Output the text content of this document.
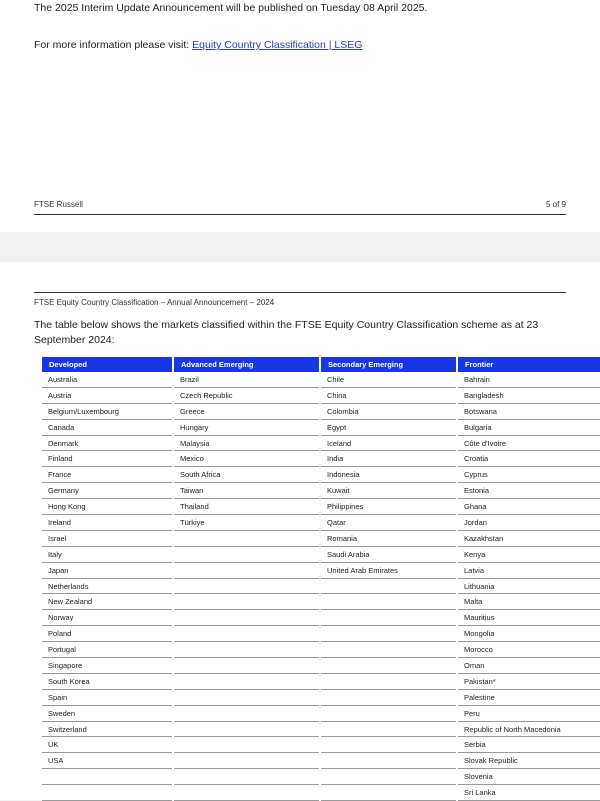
The 2025 Interim Update Announcement will be published on Tuesday 08 April 2025.
For more information please visit: Equity Country Classification | LSEG
FTSE Russell	5 of 9
FTSE Equity Country Classification – Annual Announcement – 2024
The table below shows the markets classified within the FTSE Equity Country Classification scheme as at 23 September 2024:
Developed	Advanced Emerging	Secondary Emerging	Frontier
Australia	Brazil	Chile	Bahrain
Austria	Czech Republic	China	Bangladesh
Belgium/Luxembourg	Greece	Colombia	Botswana
Canada	Hungary	Egypt	Bulgaria
Denmark	Malaysia	Iceland	Côte d'Ivoire
Finland	Mexico	India	Croatia
France	South Africa	Indonesia	Cyprus
Germany	Taiwan	Kuwait	Estonia
Hong Kong	Thailand	Philippines	Ghana
Ireland	Türkiye	Qatar	Jordan
Israel		Romania	Kazakhstan
Italy		Saudi Arabia	Kenya
Japan		United Arab Emirates	Latvia
Netherlands			Lithuania
New Zealand			Malta
Norway			Mauritius
Poland			Mongolia
Portugal			Morocco
Singapore			Oman
South Korea			Pakistan*
Spain			Palestine
Sweden			Peru
Switzerland			Republic of North Macedonia
UK			Serbia
USA			Slovak Republic
			Slovenia
			Sri Lanka
